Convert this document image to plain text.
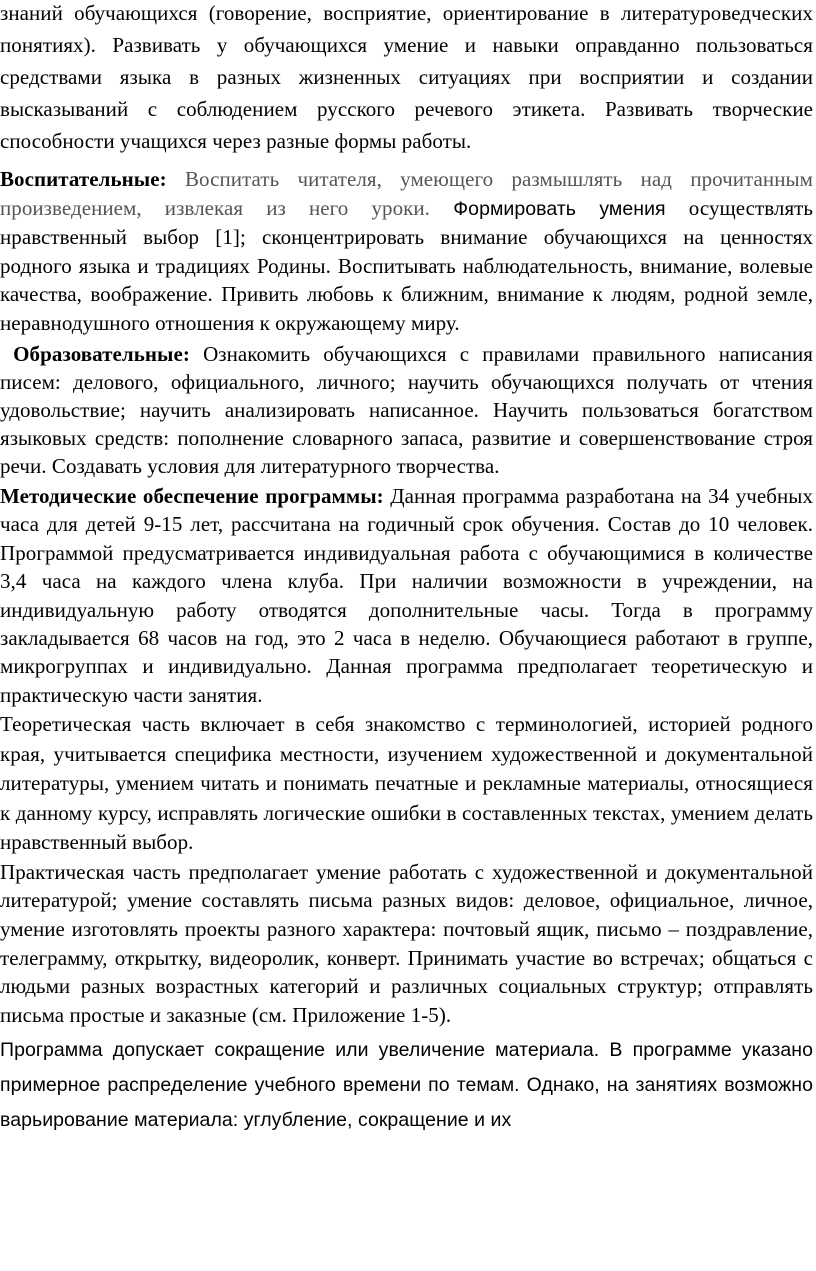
знаний обучающихся (говорение, восприятие, ориентирование в литературоведческих понятиях). Развивать у обучающихся умение и навыки оправданно пользоваться средствами языка в разных жизненных ситуациях при восприятии и создании высказываний с соблюдением русского речевого этикета. Развивать творческие способности учащихся через разные формы работы.

Воспитательные: Воспитать читателя, умеющего размышлять над прочитанным произведением, извлекая из него уроки. Формировать умения осуществлять нравственный выбор [1]; сконцентрировать внимание обучающихся на ценностях родного языка и традициях Родины. Воспитывать наблюдательность, внимание, волевые качества, воображение. Привить любовь к ближним, внимание к людям, родной земле, неравнодушного отношения к окружающему миру.

Образовательные: Ознакомить обучающихся с правилами правильного написания писем: делового, официального, личного; научить обучающихся получать от чтения удовольствие; научить анализировать написанное. Научить пользоваться богатством языковых средств: пополнение словарного запаса, развитие и совершенствование строя речи. Создавать условия для литературного творчества.

Методические обеспечение программы: Данная программа разработана на 34 учебных часа для детей 9-15 лет, рассчитана на годичный срок обучения. Состав до 10 человек. Программой предусматривается индивидуальная работа с обучающимися в количестве 3,4 часа на каждого члена клуба. При наличии возможности в учреждении, на индивидуальную работу отводятся дополнительные часы. Тогда в программу закладывается 68 часов на год, это 2 часа в неделю. Обучающиеся работают в группе, микрогруппах и индивидуально. Данная программа предполагает теоретическую и практическую части занятия.

Теоретическая часть включает в себя знакомство с терминологией, историей родного края, учитывается специфика местности, изучением художественной и документальной литературы, умением читать и понимать печатные и рекламные материалы, относящиеся к данному курсу, исправлять логические ошибки в составленных текстах, умением делать нравственный выбор.

Практическая часть предполагает умение работать с художественной и документальной литературой; умение составлять письма разных видов: деловое, официальное, личное, умение изготовлять проекты разного характера: почтовый ящик, письмо – поздравление, телеграмму, открытку, видеоролик, конверт. Принимать участие во встречах; общаться с людьми разных возрастных категорий и различных социальных структур; отправлять письма простые и заказные (см. Приложение 1-5).

Программа допускает сокращение или увеличение материала. В программе указано примерное распределение учебного времени по темам. Однако, на занятиях возможно варьирование материала: углубление, сокращение и их
